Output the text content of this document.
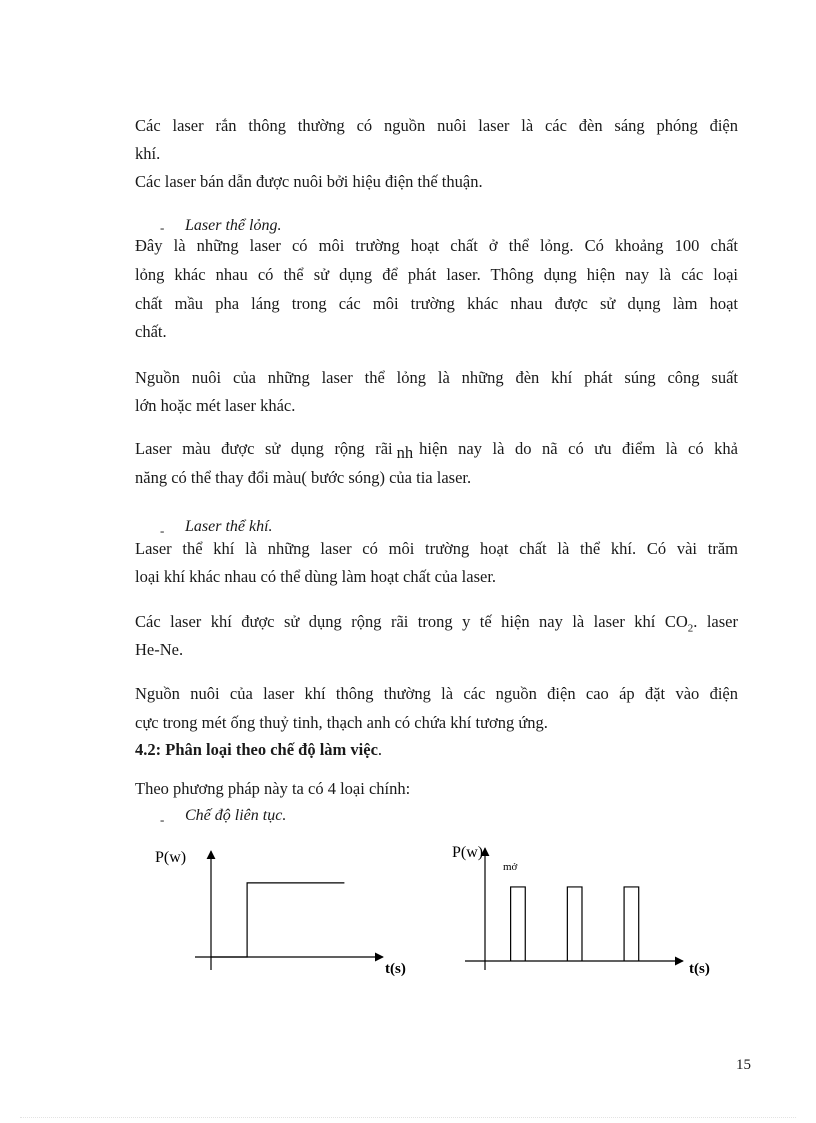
Các laser rắn thông thường có nguồn nuôi laser là các đèn sáng phóng điện
khí.
Các laser bán dẫn được nuôi bởi hiệu điện thế thuận.
- Laser thể lỏng.
Đây là những laser có môi trường hoạt chất ở thể lỏng. Có khoảng 100 chất
lỏng khác nhau có thể sử dụng để phát laser. Thông dụng hiện nay là các loại
chất mầu pha láng trong các môi trường khác nhau được sử dụng làm hoạt
chất.
Nguồn nuôi của những laser thể lỏng là những đèn khí phát súng công suất
lớn hoặc mét laser khác.
Laser màu được sử dụng rộng rãi nh hiện nay là do nã có ưu điểm là có khả
năng có thể thay đổi màu( bước sóng) của tia laser.
- Laser thể khí.
Laser thể khí là những laser có môi trường hoạt chất là thể khí. Có vài trăm
loại khí khác nhau có thể dùng làm hoạt chất của laser.
Các laser khí được sử dụng rộng rãi trong y tế hiện nay là laser khí $CO_2$. laser
He-Ne.
Nguồn nuôi của laser khí thông thường là các nguồn điện cao áp đặt vào điện
cực trong mét ống thuỷ tinh, thạch anh có chứa khí tương ứng.
4.2: Phân loại theo chế độ làm việc.
Theo phương pháp này ta có 4 loại chính:
- Chế độ liên tục.
P(w)
t(s)
P(w)
mở
t(s)
15
